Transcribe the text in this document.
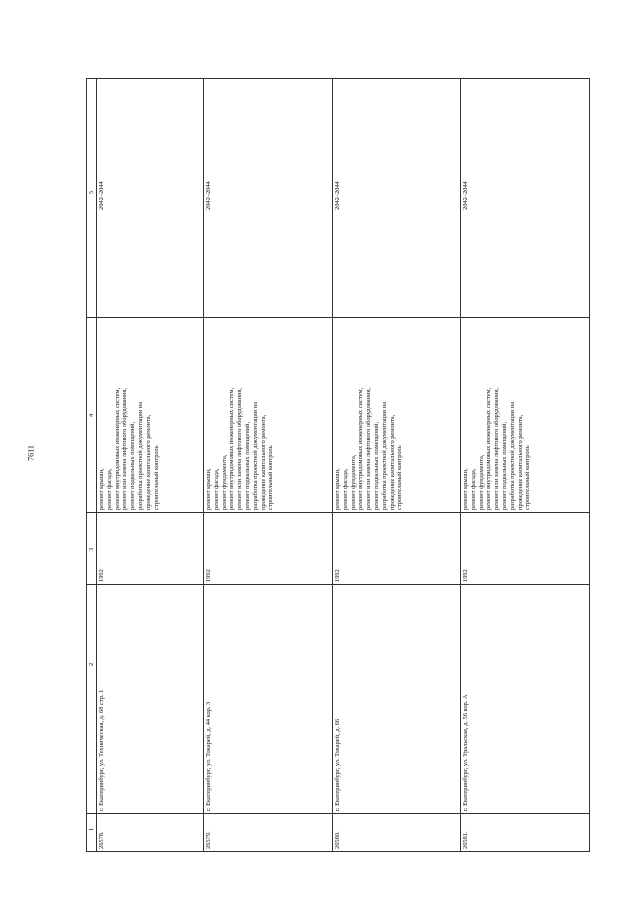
7611
1
2
3
4
5
26578.
г. Екатеринбург, ул. Техническая, д. 68 стр. 1
1992
ремонт крыши, ремонт фасада, ремонт внутридомовых инженерных систем, ремонт или замена лифтового оборудования, ремонт подвальных помещений, разработка проектной документации на проведение капитального ремонта, строительный контроль
2042–2044
26579.
г. Екатеринбург, ул. Токарей, д. 44 кор. 3
1992
ремонт крыши, ремонт фасада, ремонт фундамента, ремонт внутридомовых инженерных систем, ремонт или замена лифтового оборудования, ремонт подвальных помещений, разработка проектной документации на проведение капитального ремонта, строительный контроль
2042–2044
26580.
г. Екатеринбург, ул. Токарей, д. 66
1992
ремонт крыши, ремонт фасада, ремонт фундамента, ремонт внутридомовых инженерных систем, ремонт или замена лифтового оборудования, ремонт подвальных помещений, разработка проектной документации на проведение капитального ремонта, строительный контроль
2042–2044
26581.
г. Екатеринбург, ул. Уральская, д. 56 кор. А
1992
ремонт крыши, ремонт фасада, ремонт фундамента, ремонт внутридомовых инженерных систем, ремонт или замена лифтового оборудования, ремонт подвальных помещений, разработка проектной документации на проведение капитального ремонта, строительный контроль
2042–2044
